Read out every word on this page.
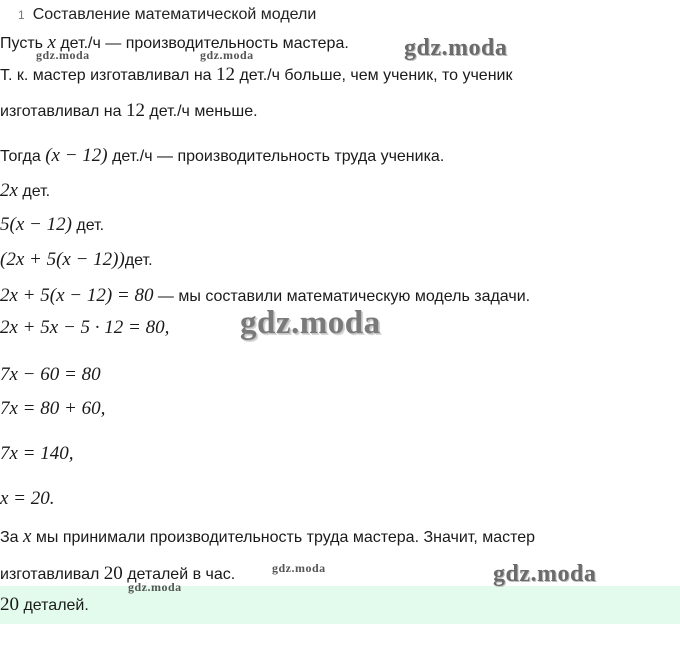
1 Составление математической модели
Пусть x дет./ч — производительность мастера.
Т. к. мастер изготавливал на 12 дет./ч больше, чем ученик, то ученик
изготавливал на 12 дет./ч меньше.
Тогда (x − 12) дет./ч — производительность труда ученика.
2x дет.
5(x − 12) дет.
(2x + 5(x − 12))дет.
2x + 5(x − 12) = 80 — мы составили математическую модель задачи.
2x + 5x − 5 · 12 = 80,
7x − 60 = 80
7x = 80 + 60,
7x = 140,
x = 20.
За x мы принимали производительность труда мастера. Значит, мастер
изготавливал 20 деталей в час.
20 деталей.
gdz.moda	gdz.moda	gdz.moda
gdz.moda
gdz.moda
gdz.moda	gdz.moda
